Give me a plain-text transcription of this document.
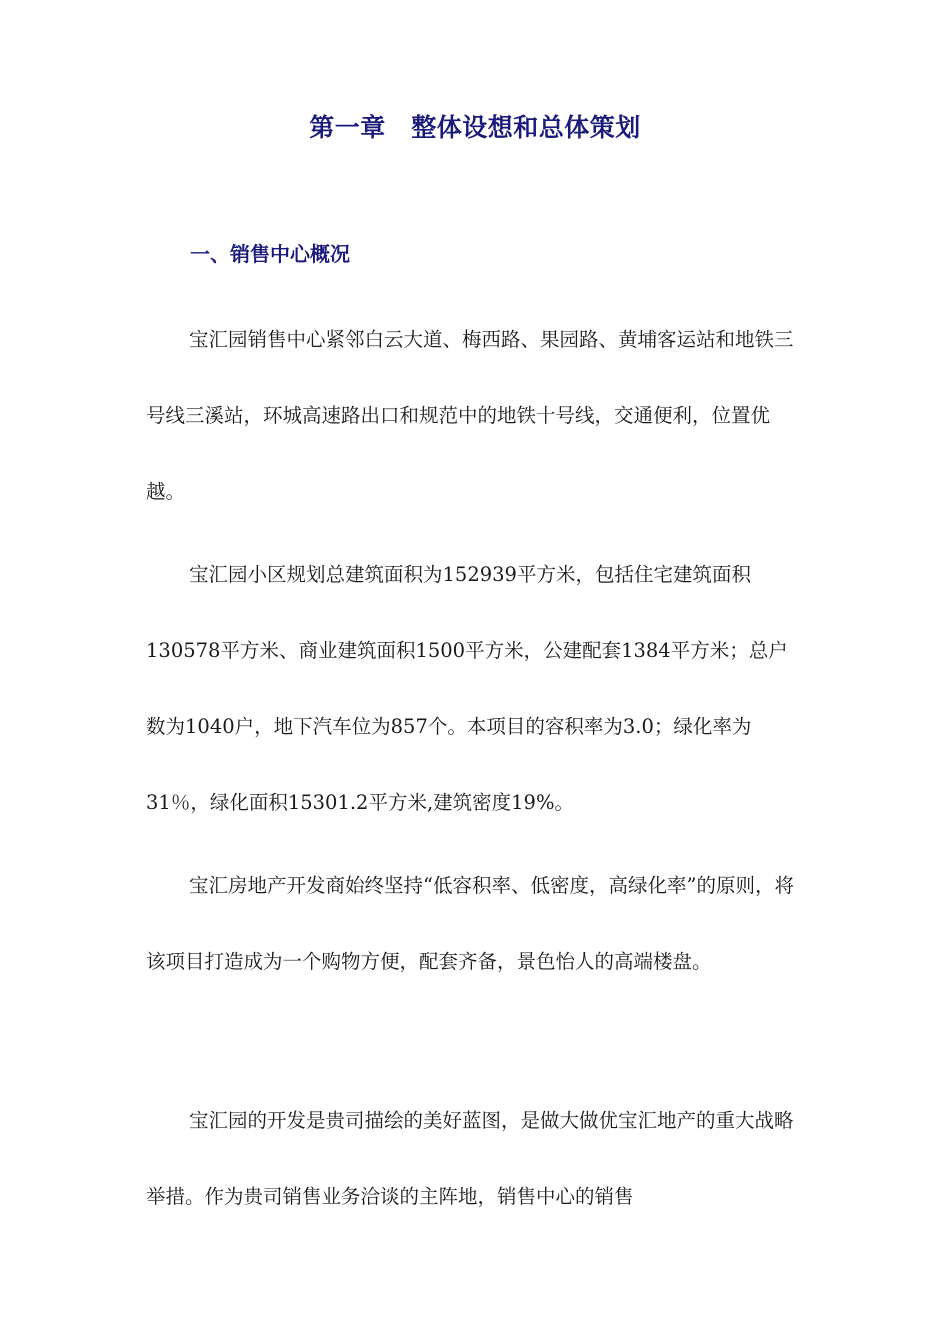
第一章　整体设想和总体策划
一、销售中心概况

宝汇园销售中心紧邻白云大道、梅西路、果园路、黄埔客运站和地铁三号线三溪站，环城高速路出口和规范中的地铁十号线，交通便利，位置优越。

宝汇园小区规划总建筑面积为152939平方米，包括住宅建筑面积130578平方米、商业建筑面积1500平方米，公建配套1384平方米；总户数为1040户，地下汽车位为857个。本项目的容积率为3.0；绿化率为31％，绿化面积15301.2平方米,建筑密度19%。

宝汇房地产开发商始终坚持“低容积率、低密度，高绿化率”的原则，将该项目打造成为一个购物方便，配套齐备，景色怡人的高端楼盘。

宝汇园的开发是贵司描绘的美好蓝图，是做大做优宝汇地产的重大战略举措。作为贵司销售业务洽谈的主阵地，销售中心的销售
